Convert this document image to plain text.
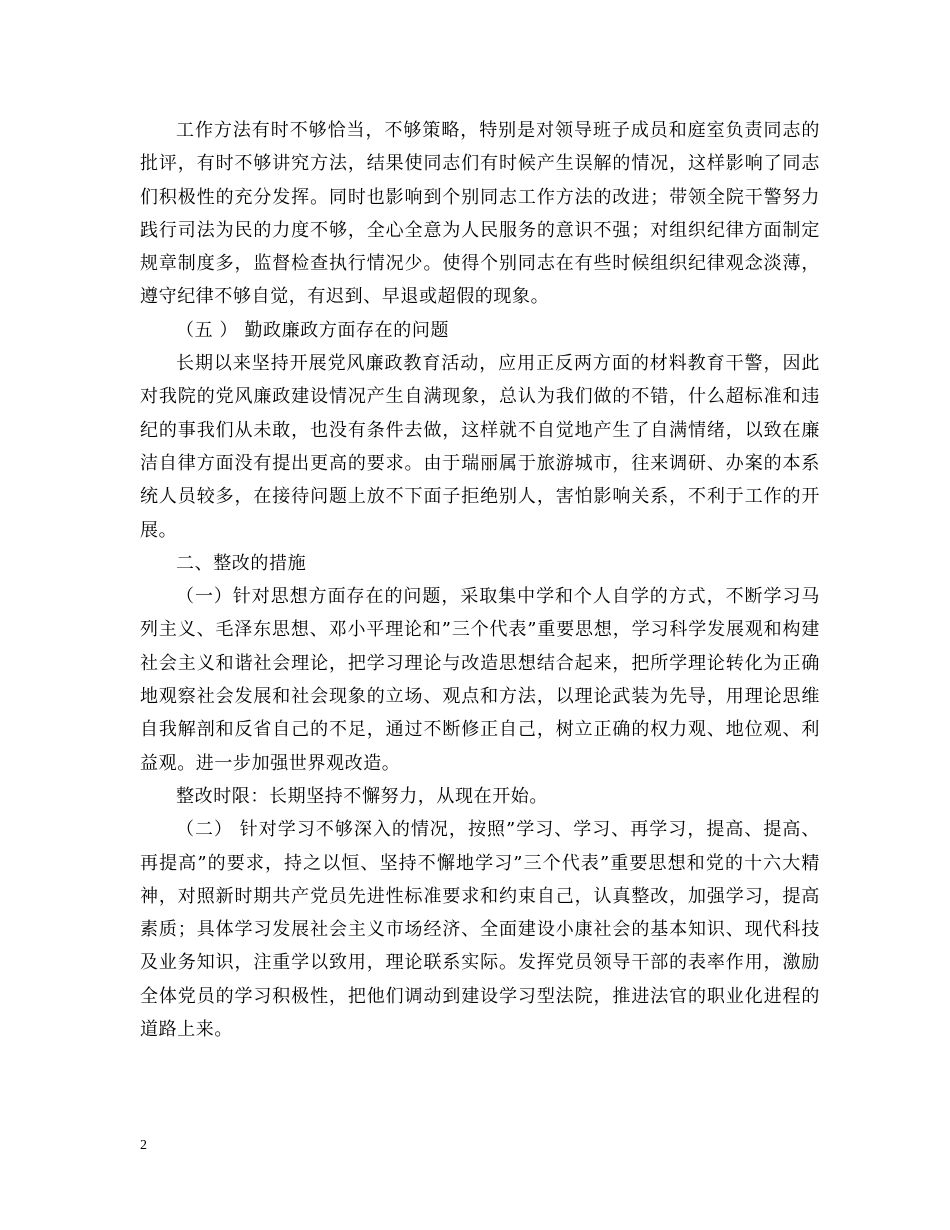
工作方法有时不够恰当，不够策略，特别是对领导班子成员和庭室负责同志的批评，有时不够讲究方法，结果使同志们有时候产生误解的情况，这样影响了同志们积极性的充分发挥。同时也影响到个别同志工作方法的改进；带领全院干警努力践行司法为民的力度不够，全心全意为人民服务的意识不强；对组织纪律方面制定规章制度多，监督检查执行情况少。使得个别同志在有些时候组织纪律观念淡薄，遵守纪律不够自觉，有迟到、早退或超假的现象。

（五 ） 勤政廉政方面存在的问题

长期以来坚持开展党风廉政教育活动，应用正反两方面的材料教育干警，因此对我院的党风廉政建设情况产生自满现象，总认为我们做的不错，什么超标准和违纪的事我们从未敢，也没有条件去做，这样就不自觉地产生了自满情绪，以致在廉洁自律方面没有提出更高的要求。由于瑞丽属于旅游城市，往来调研、办案的本系统人员较多，在接待问题上放不下面子拒绝别人，害怕影响关系，不利于工作的开展。

二、整改的措施

（一）针对思想方面存在的问题，采取集中学和个人自学的方式，不断学习马列主义、毛泽东思想、邓小平理论和”三个代表”重要思想，学习科学发展观和构建社会主义和谐社会理论，把学习理论与改造思想结合起来，把所学理论转化为正确地观察社会发展和社会现象的立场、观点和方法，以理论武装为先导，用理论思维自我解剖和反省自己的不足，通过不断修正自己，树立正确的权力观、地位观、利益观。进一步加强世界观改造。

整改时限：长期坚持不懈努力，从现在开始。

（二） 针对学习不够深入的情况，按照”学习、学习、再学习，提高、提高、再提高”的要求，持之以恒、坚持不懈地学习”三个代表”重要思想和党的十六大精神，对照新时期共产党员先进性标准要求和约束自己，认真整改，加强学习，提高素质；具体学习发展社会主义市场经济、全面建设小康社会的基本知识、现代科技及业务知识，注重学以致用，理论联系实际。发挥党员领导干部的表率作用，激励全体党员的学习积极性，把他们调动到建设学习型法院，推进法官的职业化进程的道路上来。

2
